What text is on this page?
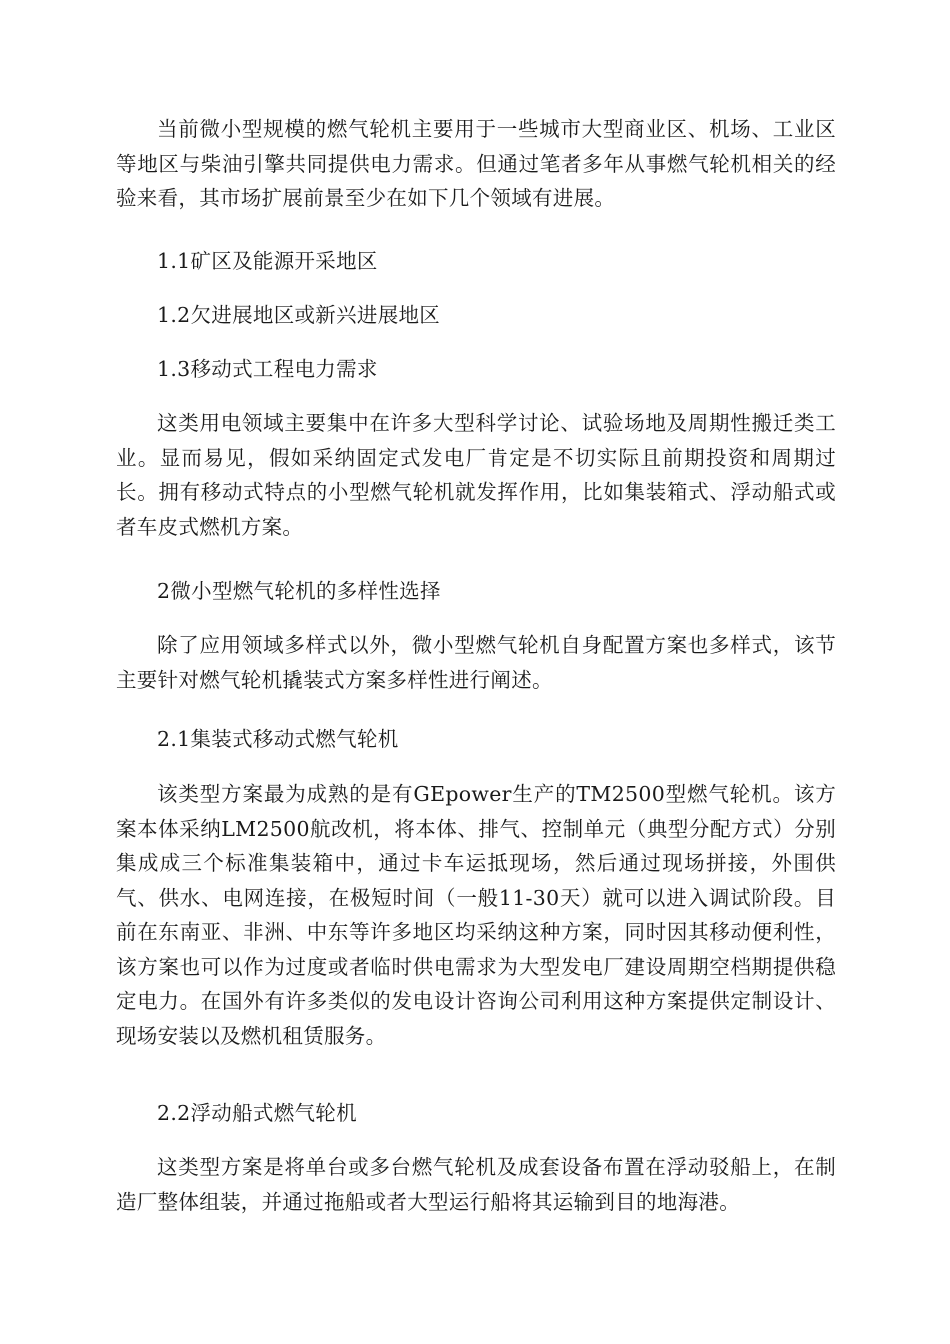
当前微小型规模的燃气轮机主要用于一些城市大型商业区、机场、工业区等地区与柴油引擎共同提供电力需求。但通过笔者多年从事燃气轮机相关的经验来看，其市场扩展前景至少在如下几个领域有进展。

1.1矿区及能源开采地区

1.2欠进展地区或新兴进展地区

1.3移动式工程电力需求

这类用电领域主要集中在许多大型科学讨论、试验场地及周期性搬迁类工业。显而易见，假如采纳固定式发电厂肯定是不切实际且前期投资和周期过长。拥有移动式特点的小型燃气轮机就发挥作用，比如集装箱式、浮动船式或者车皮式燃机方案。

2微小型燃气轮机的多样性选择

除了应用领域多样式以外，微小型燃气轮机自身配置方案也多样式，该节主要针对燃气轮机撬装式方案多样性进行阐述。

2.1集装式移动式燃气轮机

该类型方案最为成熟的是有GEpower生产的TM2500型燃气轮机。该方案本体采纳LM2500航改机，将本体、排气、控制单元（典型分配方式）分别集成成三个标准集装箱中，通过卡车运抵现场，然后通过现场拼接，外围供气、供水、电网连接，在极短时间（一般11-30天）就可以进入调试阶段。目前在东南亚、非洲、中东等许多地区均采纳这种方案，同时因其移动便利性，该方案也可以作为过度或者临时供电需求为大型发电厂建设周期空档期提供稳定电力。在国外有许多类似的发电设计咨询公司利用这种方案提供定制设计、现场安装以及燃机租赁服务。

2.2浮动船式燃气轮机

这类型方案是将单台或多台燃气轮机及成套设备布置在浮动驳船上，在制造厂整体组装，并通过拖船或者大型运行船将其运输到目的地海港。
